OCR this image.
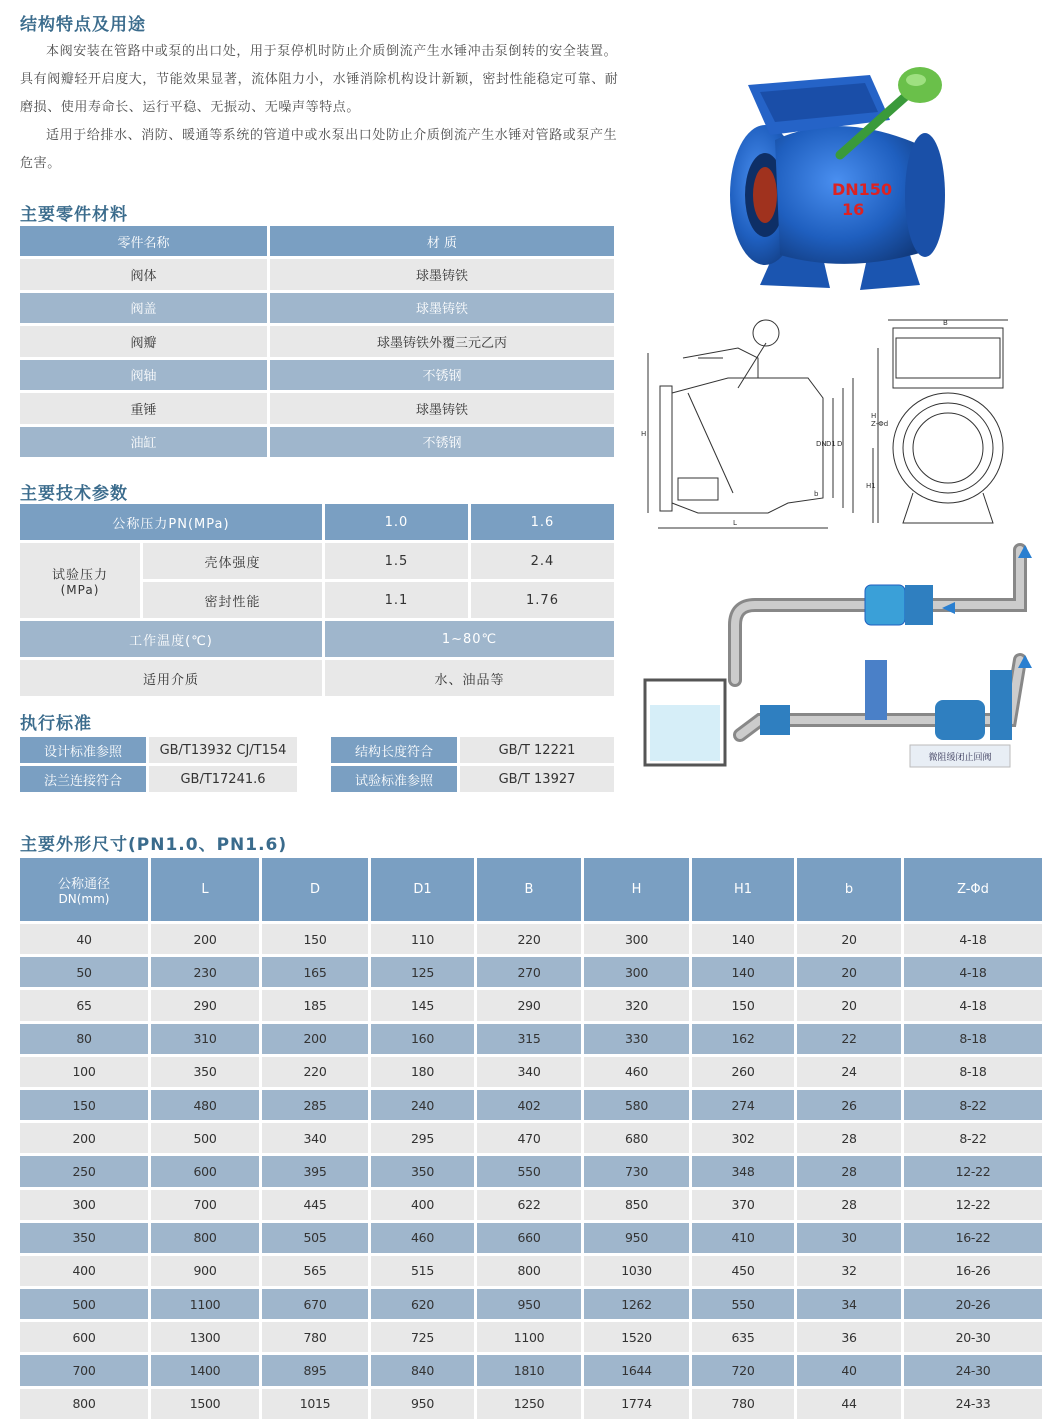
结构特点及用途

本阀安装在管路中或泵的出口处，用于泵停机时防止介质倒流产生水锤冲击泵倒转的安全装置。具有阀瓣轻开启度大，节能效果显著，流体阻力小，水锤消除机构设计新颖，密封性能稳定可靠、耐磨损、使用寿命长、运行平稳、无振动、无噪声等特点。

适用于给排水、消防、暖通等系统的管道中或水泵出口处防止介质倒流产生水锤对管路或泵产生危害。

主要零件材料
零件名称	材 质
阀体	球墨铸铁
阀盖	球墨铸铁
阀瓣	球墨铸铁外覆三元乙丙
阀轴	不锈钢
重锤	球墨铸铁
油缸	不锈钢
主要技术参数
公称压力PN(MPa)		1.0	1.6

试验压力
(MPa)	壳体强度	1.5	2.4
	密封性能	1.1	1.76
工作温度(℃)		1~80℃	
适用介质		水、油品等	
执行标准
设计标准参照	GB/T13932 CJ/T154		结构长度符合	GB/T 12221
法兰连接符合	GB/T17241.6		试验标准参照	GB/T 13927
主要外形尺寸(PN1.0、PN1.6)
公称通径
DN(mm)	L	D	D1	B	H	H1	b	Z-Φd
40	200	150	110	220	300	140	20	4-18
50	230	165	125	270	300	140	20	4-18
65	290	185	145	290	320	150	20	4-18
80	310	200	160	315	330	162	22	8-18
100	350	220	180	340	460	260	24	8-18
150	480	285	240	402	580	274	26	8-22
200	500	340	295	470	680	302	28	8-22
250	600	395	350	550	730	348	28	12-22
300	700	445	400	622	850	370	28	12-22
350	800	505	460	660	950	410	30	16-22
400	900	565	515	800	1030	450	32	16-26
500	1100	670	620	950	1262	550	34	20-26
600	1300	780	725	1100	1520	635	36	20-30
700	1400	895	840	1810	1644	720	40	24-30
800	1500	1015	950	1250	1774	780	44	24-33
DN150
16
H
DN D1 D
b
L
B
H
Z-Φd
H1
微阻缓闭止回阀
